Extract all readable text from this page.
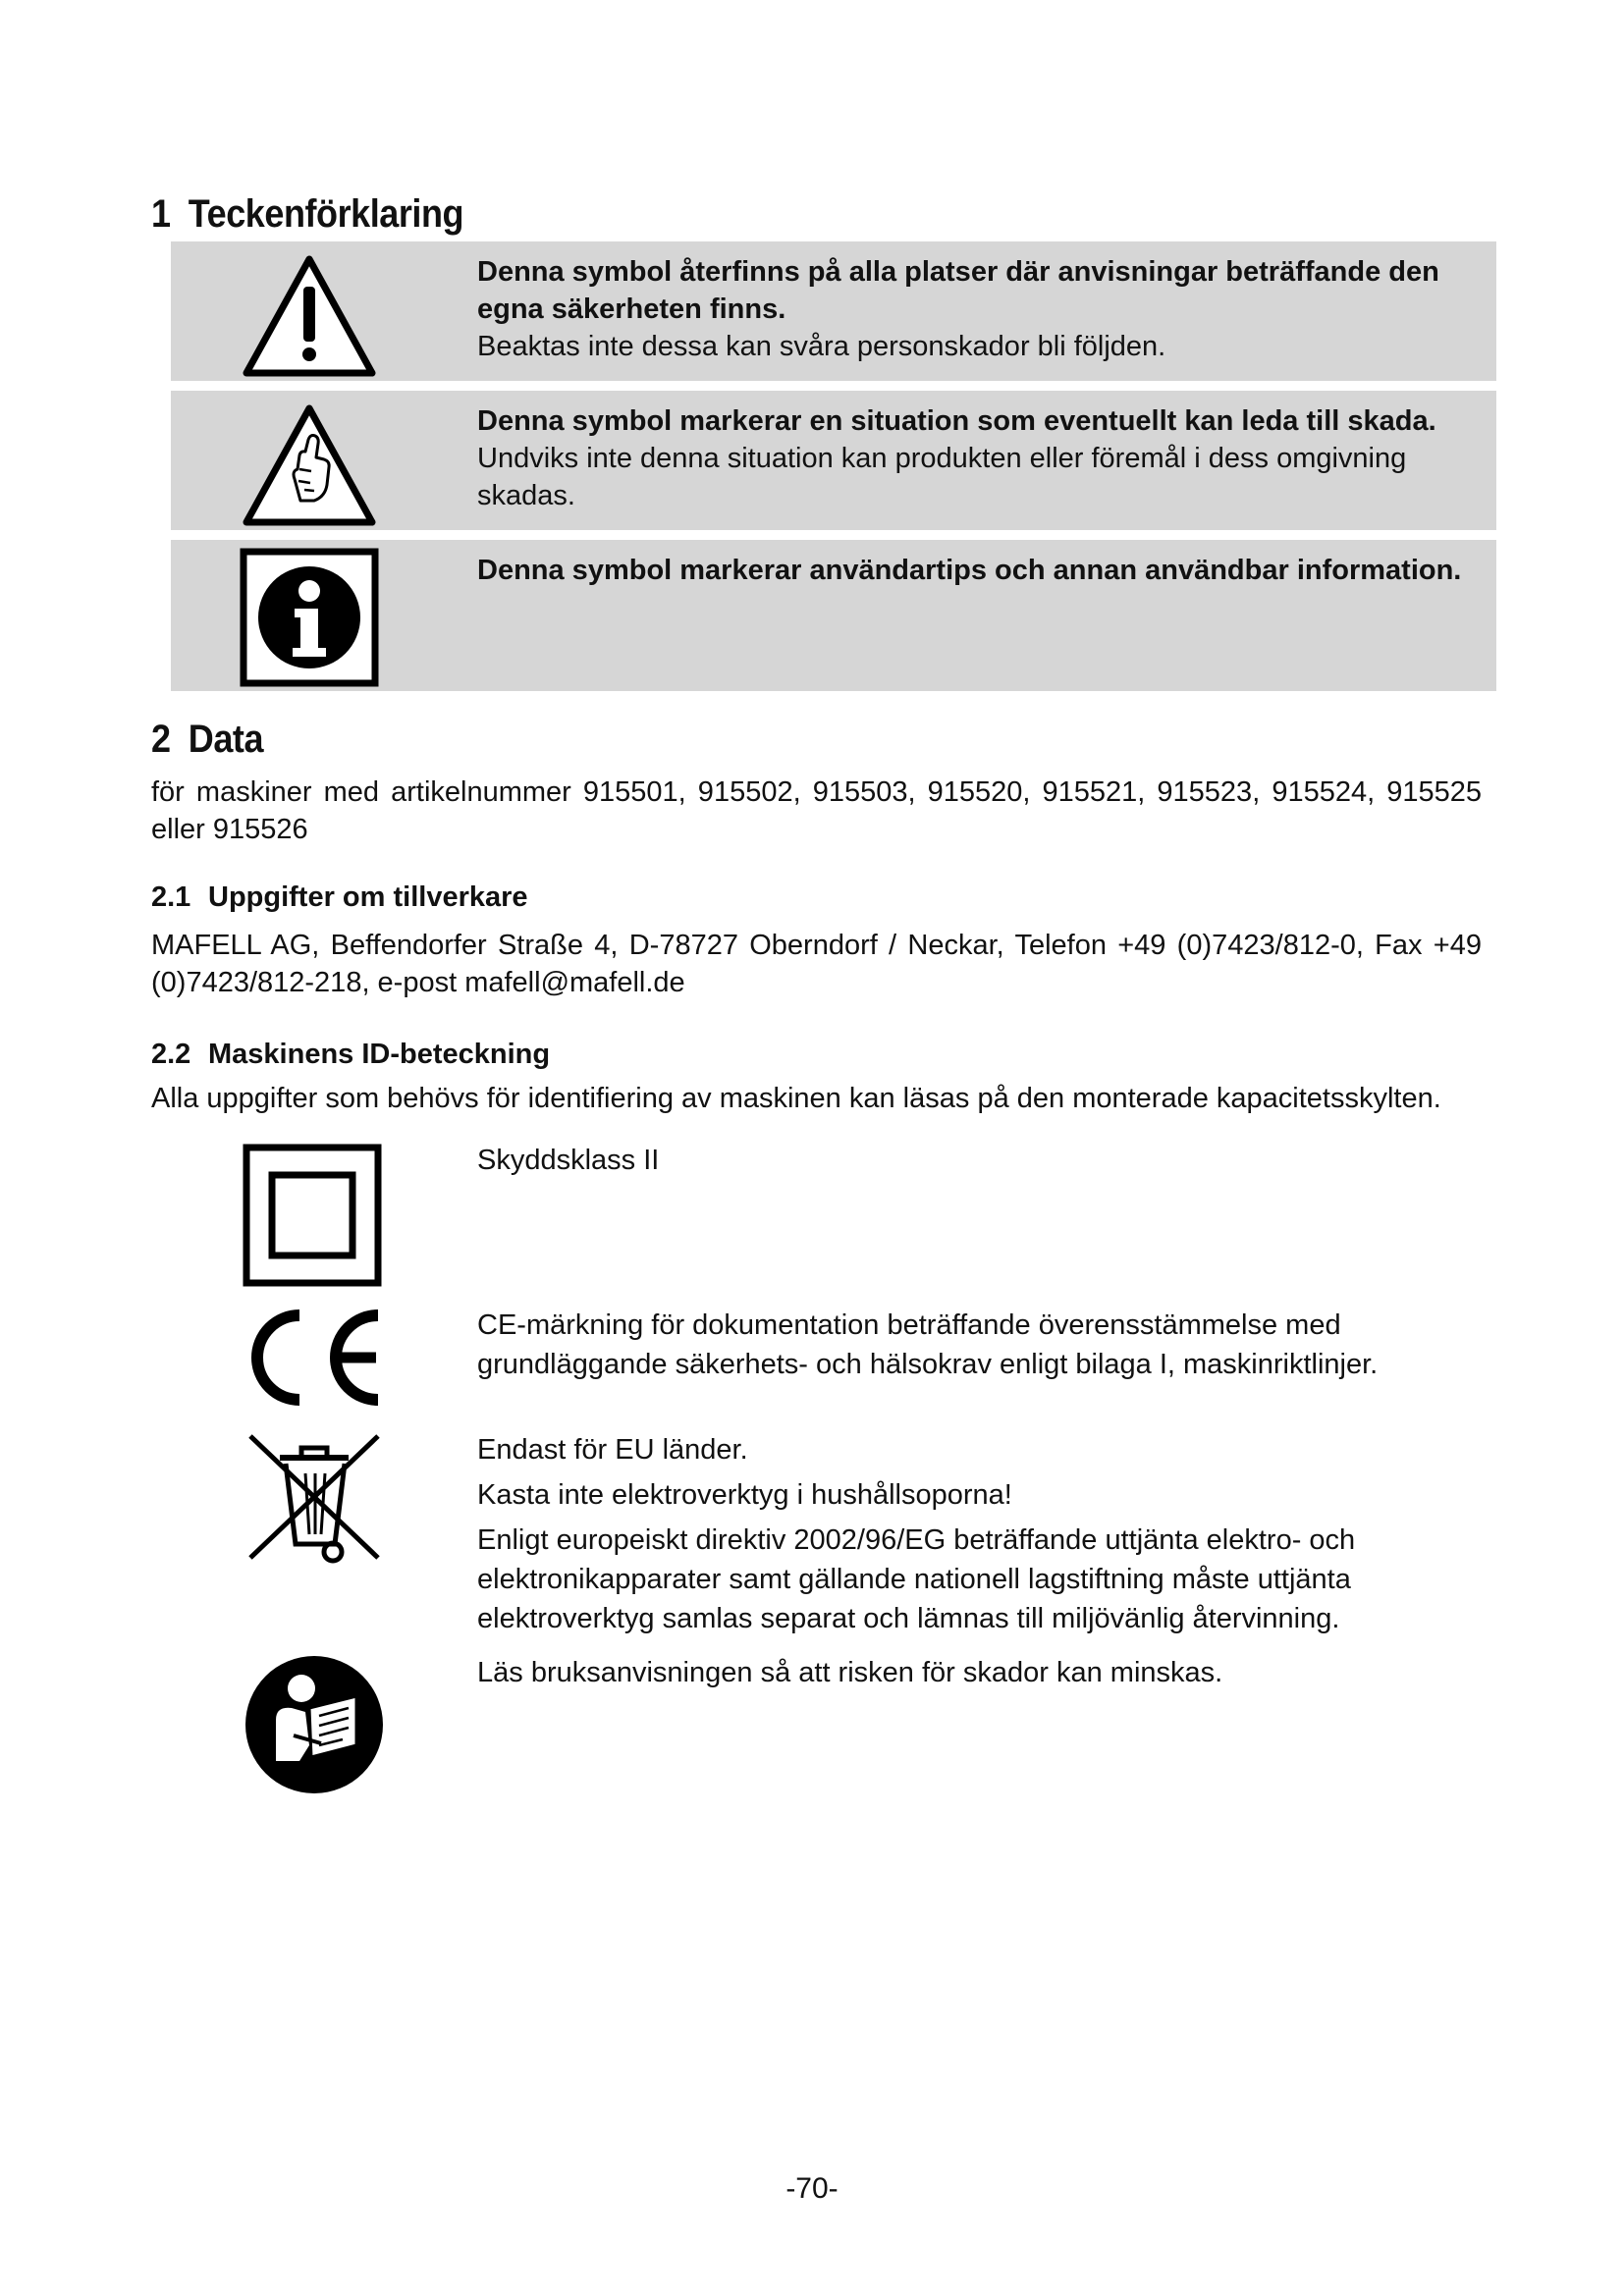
1 Teckenförklaring
Denna symbol återfinns på alla platser där anvisningar beträffande den egna säkerheten finns.
Beaktas inte dessa kan svåra personskador bli följden.
Denna symbol markerar en situation som eventuellt kan leda till skada.
Undviks inte denna situation kan produkten eller föremål i dess omgivning skadas.
Denna symbol markerar användartips och annan användbar information.
2 Data
för maskiner med artikelnummer 915501, 915502, 915503, 915520, 915521, 915523, 915524, 915525 eller 915526
2.1 Uppgifter om tillverkare
MAFELL AG, Beffendorfer Straße 4, D-78727 Oberndorf / Neckar, Telefon +49 (0)7423/812-0, Fax +49 (0)7423/812-218, e-post mafell@mafell.de
2.2 Maskinens ID-beteckning
Alla uppgifter som behövs för identifiering av maskinen kan läsas på den monterade kapacitetsskylten.
Skyddsklass II
CE-märkning för dokumentation beträffande överensstämmelse med grundläggande säkerhets- och hälsokrav enligt bilaga I, maskinriktlinjer.
Endast för EU länder.
Kasta inte elektroverktyg i hushållsoporna!
Enligt europeiskt direktiv 2002/96/EG beträffande uttjänta elektro- och elektronikapparater samt gällande nationell lagstiftning måste uttjänta elektroverktyg samlas separat och lämnas till miljövänlig återvinning.
Läs bruksanvisningen så att risken för skador kan minskas.
-70-
